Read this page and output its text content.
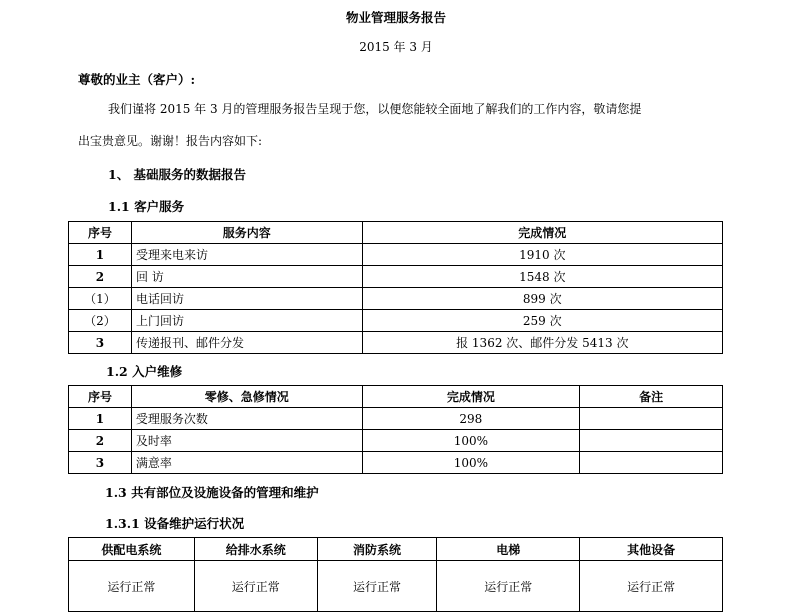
物业管理服务报告
2015 年 3 月
尊敬的业主（客户）:
我们谨将 2015 年 3 月的管理服务报告呈现于您，以便您能较全面地了解我们的工作内容，敬请您提
出宝贵意见。谢谢！报告内容如下:
1、 基础服务的数据报告
1.1 客户服务
序号	服务内容	完成情况
1	受理来电来访	1910 次
2	回 访	1548 次
（1）	电话回访	899 次
（2）	上门回访	259 次
3	传递报刊、邮件分发	报 1362 次、邮件分发 5413 次
1.2 入户维修
序号	零修、急修情况	完成情况	备注
1	受理服务次数	298	
2	及时率	100%	
3	满意率	100%	
1.3 共有部位及设施设备的管理和维护
1.3.1 设备维护运行状况
供配电系统	给排水系统	消防系统	电梯	其他设备
运行正常	运行正常	运行正常	运行正常	运行正常
